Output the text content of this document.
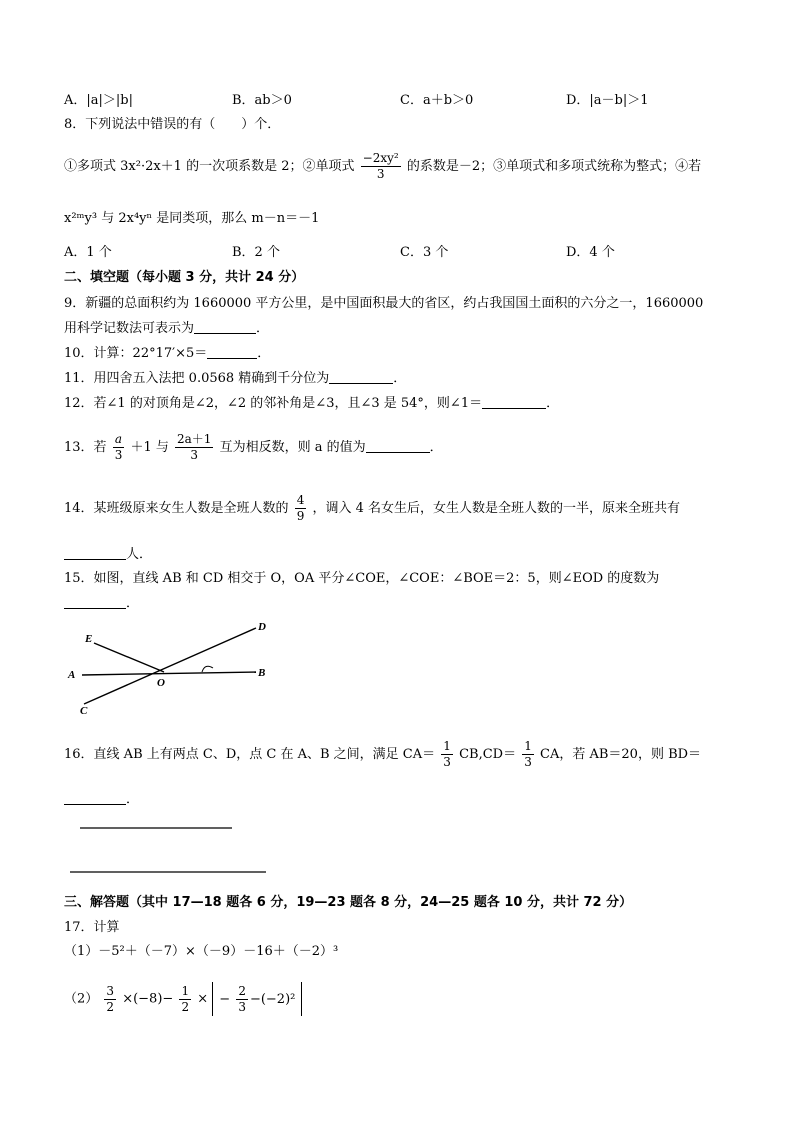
A．|a|＞|b|	B．ab＞0	C．a＋b＞0	D．|a－b|＞1
8．下列说法中错误的有（　　）个．
①多项式 3x²·2x＋1 的一次项系数是 2；②单项式 $\frac{\text{−2xy²}}{3}$ 的系数是－2；③单项式和多项式统称为整式；④若
x²ᵐy³ 与 2x⁴yⁿ 是同类项，那么 m－n＝－1
A．1 个	B．2 个	C．3 个	D．4 个
二、填空题（每小题 3 分，共计 24 分）
9．新疆的总面积约为 1660000 平方公里，是中国面积最大的省区，约占我国国土面积的六分之一，1660000
用科学记数法可表示为	．
10．计算：22°17′×5＝	．
11．用四舍五入法把 0.0568 精确到千分位为	．
12．若∠1 的对顶角是∠2，∠2 的邻补角是∠3，且∠3 是 54°，则∠1＝	．
13．若 $\frac{a}{3} +1$ 与 $\frac{2a+1}{3}$ 互为相反数，则 a 的值为	．
14．某班级原来女生人数是全班人数的 $\frac{4}{9}$ ，调入 4 名女生后，女生人数是全班人数的一半，原来全班共有
人．
15．如图，直线 AB 和 CD 相交于 O，OA 平分∠COE，∠COE：∠BOE＝2：5，则∠EOD 的度数为
．
E
D
A
O
B
C
16．直线 AB 上有两点 C、D，点 C 在 A、B 之间，满足 $CA= \frac{1}{3} CB,CD= \frac{1}{3}$ CA，若 AB＝20，则 BD＝
．
三、解答题（其中 17—18 题各 6 分，19—23 题各 8 分，24—25 题各 10 分，共计 72 分）
17．计算
（1）－5²＋（－7）×（－9）－16＋（－2）³
$(2) \frac{3}{2} \times(-8)- \frac{1}{2}$ × − $\frac{2}{3} -(-2)^2$
